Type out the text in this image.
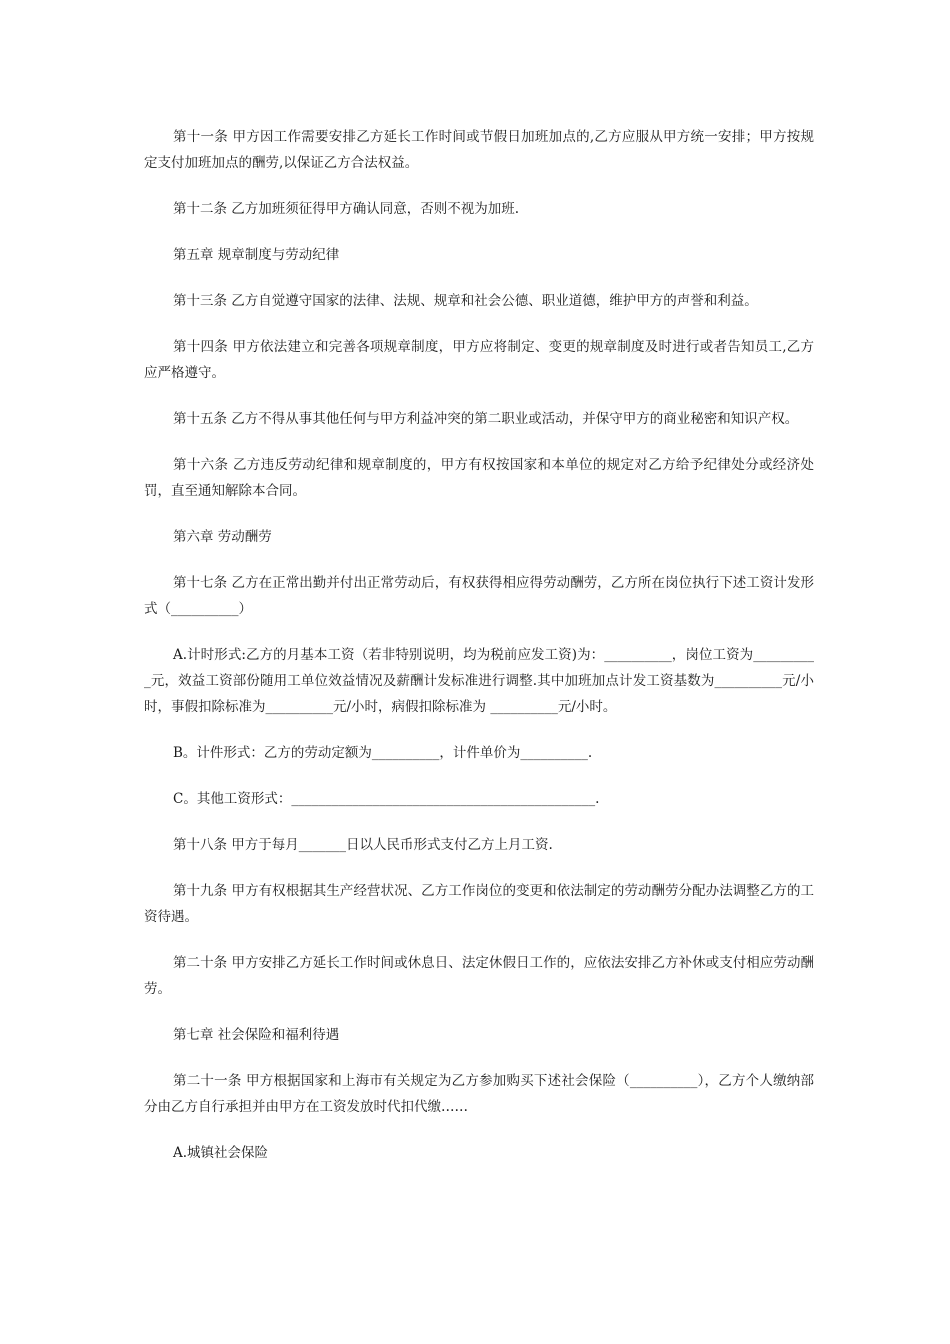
第十一条 甲方因工作需要安排乙方延长工作时间或节假日加班加点的,乙方应服从甲方统一安排；甲方按规定支付加班加点的酬劳,以保证乙方合法权益。

第十二条 乙方加班须征得甲方确认同意，否则不视为加班.

第五章 规章制度与劳动纪律

第十三条 乙方自觉遵守国家的法律、法规、规章和社会公德、职业道德，维护甲方的声誉和利益。

第十四条 甲方依法建立和完善各项规章制度，甲方应将制定、变更的规章制度及时进行或者告知员工,乙方应严格遵守。

第十五条 乙方不得从事其他任何与甲方利益冲突的第二职业或活动，并保守甲方的商业秘密和知识产权。

第十六条 乙方违反劳动纪律和规章制度的，甲方有权按国家和本单位的规定对乙方给予纪律处分或经济处罚，直至通知解除本合同。

第六章 劳动酬劳

第十七条 乙方在正常出勤并付出正常劳动后，有权获得相应得劳动酬劳，乙方所在岗位执行下述工资计发形式（__________）

A.计时形式:乙方的月基本工资（若非特别说明，均为税前应发工资)为：__________，岗位工资为__________元，效益工资部份随用工单位效益情况及薪酬计发标准进行调整.其中加班加点计发工资基数为__________元/小时，事假扣除标准为__________元/小时，病假扣除标准为 __________元/小时。

B。计件形式：乙方的劳动定额为__________，计件单价为__________.

C。其他工资形式：_____________________________________________.

第十八条 甲方于每月_______日以人民币形式支付乙方上月工资.

第十九条 甲方有权根据其生产经营状况、乙方工作岗位的变更和依法制定的劳动酬劳分配办法调整乙方的工资待遇。

第二十条 甲方安排乙方延长工作时间或休息日、法定休假日工作的，应依法安排乙方补休或支付相应劳动酬劳。

第七章 社会保险和福利待遇

第二十一条 甲方根据国家和上海市有关规定为乙方参加购买下述社会保险（__________），乙方个人缴纳部分由乙方自行承担并由甲方在工资发放时代扣代缴……

A.城镇社会保险
